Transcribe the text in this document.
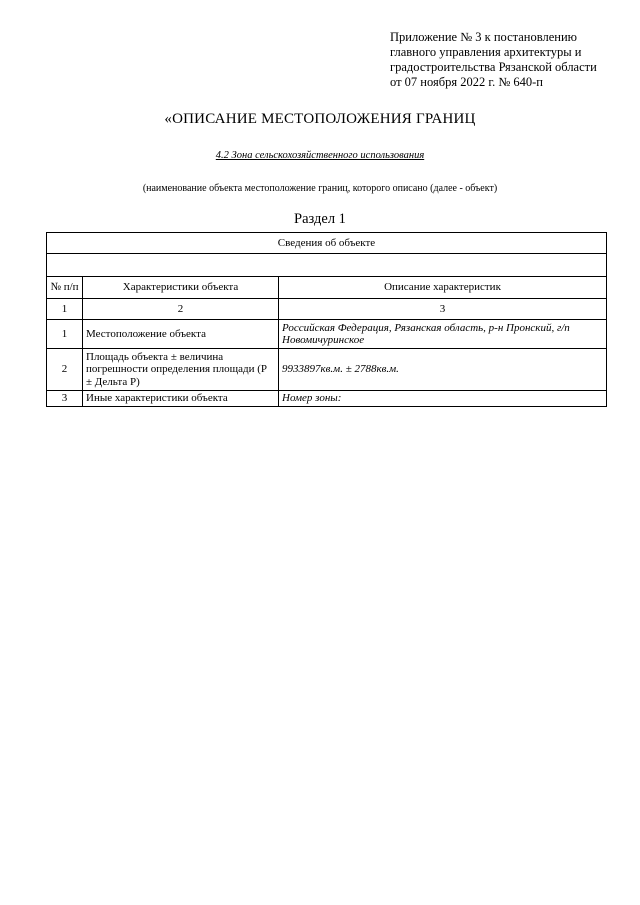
Приложение № 3 к постановлению
главного управления архитектуры и
градостроительства Рязанской области
от 07 ноября 2022 г. № 640-п
«ОПИСАНИЕ МЕСТОПОЛОЖЕНИЯ ГРАНИЦ
4.2 Зона сельскохозяйственного использования
(наименование объекта местоположение границ, которого описано (далее - объект)
Раздел 1
Сведения об объекте		

№ п/п	Характеристики объекта	Описание характеристик
1	2	3
1	Местоположение объекта	Российская Федерация, Рязанская область, р-н Пронский, г/п Новомичуринское
2	Площадь объекта ± величина погрешности определения площади (P ± Дельта P)	9933897кв.м. ± 2788кв.м.
3	Иные характеристики объекта	Номер зоны:
